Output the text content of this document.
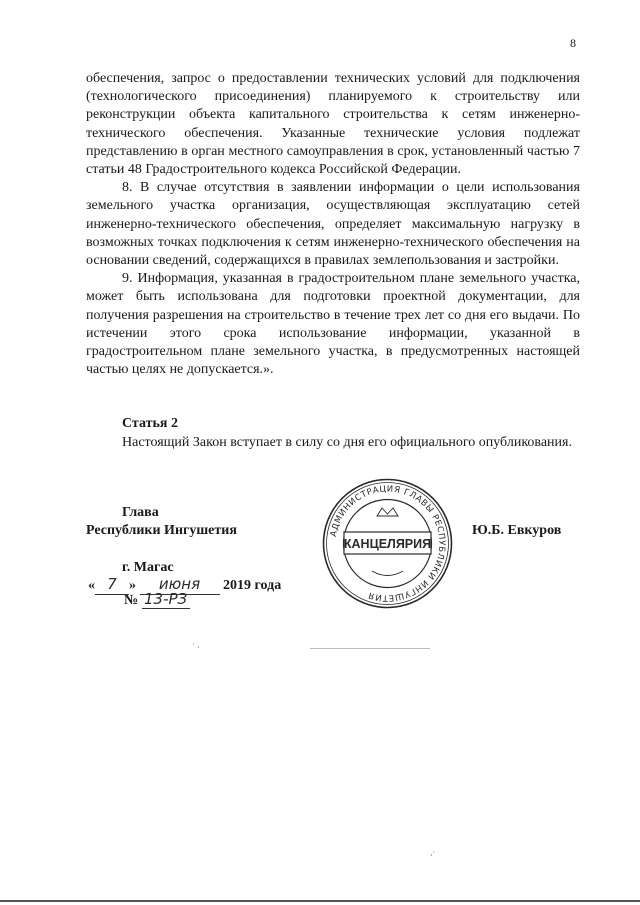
8

обеспечения, запрос о предоставлении технических условий для подключения (технологического присоединения) планируемого к строительству или реконструкции объекта капитального строительства к сетям инженерно-технического обеспечения. Указанные технические условия подлежат представлению в орган местного самоуправления в срок, установленный частью 7 статьи 48 Градостроительного кодекса Российской Федерации.

8. В случае отсутствия в заявлении информации о цели использования земельного участка организация, осуществляющая эксплуатацию сетей инженерно-технического обеспечения, определяет максимальную нагрузку в возможных точках подключения к сетям инженерно-технического обеспечения на основании сведений, содержащихся в правилах землепользования и застройки.

9. Информация, указанная в градостроительном плане земельного участка, может быть использована для подготовки проектной документации, для получения разрешения на строительство в течение трех лет со дня его выдачи. По истечении этого срока использование информации, указанной в градостроительном плане земельного участка, в предусмотренных настоящей частью целях не допускается.».

Статья 2
Настоящий Закон вступает в силу со дня его официального опубликования.
Глава
Республики Ингушетия	Ю.Б. Евкуров
АДМИНИСТРАЦИЯ ГЛАВЫ РЕСПУБЛИКИ ИНГУШЕТИЯ
КАНЦЕЛЯРИЯ
г. Магас
« 7 » июня 2019 года
№ 13-РЗ
· ,
,·
